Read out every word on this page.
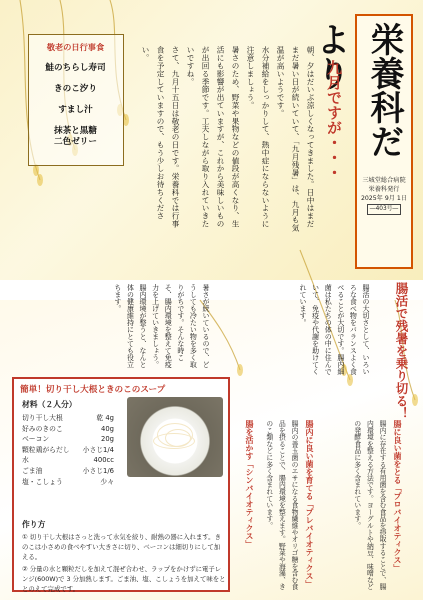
栄養科だより
三城堂総合病院
栄養科発行
2025年 9月 1日
―403号―
九月ですが・・・
朝、夕はだいぶ涼しくなってきました。日中はまだまだ暑い日が続いていて、「九月残暑」は、九月も気温が高いようです。
水分補給をしっかりして、熱中症にならないように注意しましょう。
暑さのため、野菜や果物などの値段が高くなり、生活にも影響が出ていますが、これから美味しいものが出回る季節です。工夫しながら取り入れていきたいですね。
さて、九月十五日は敬老の日です。栄養科では行事食を予定していますので、もう少しお待ちください。
敬老の日行事食
鮭のちらし寿司
きのこ汐り
すまし汁
抹茶と黒糖
二色ゼリー
腸活で残暑を乗り切る！
腸活の大切さとして、いろいろな食べ物をバランスよく食べることが大切です。腸内細菌は私たちの体の中に住んでいて、免疫や代謝を助けてくれています。
暑さが続いているので、どうしても冷たい物を多く取りがちです。そんな時こそ、腸内環境を整えて免疫力を上げていきましょう。腸内環境が整うと、なんと体の健康維持にとても役立ちます。
腸に良い菌をとる「プロバイオティクス」
腸内に存在する有用菌を含む食品を摂取することで、腸内環境を整える方法です。ヨーグルトや納豆、味噌などの発酵食品に多く含まれています。
腸内に良い菌を育てる「プレバイオティクス」
腸内の善玉菌のエサになる食物繊維やオリゴ糖を含む食品を摂ることで、腸内環境を整えます。野菜や海藻、きのこ類などに多く含まれています。
腸を活かす「シンバイオティクス」
簡単！切り干し大根ときのこのスープ
材料（２人分）
切り干し大根	乾 4g
好みのきのこ	40g
ベーコン	20g
顆粒鶏がらだし 小さじ1/4
水	400cc
ごま油	小さじ1/6
塩・こしょう	少々
作り方
① 切り干し大根はさっと洗って水気を絞り、耐熱の器に入れます。きのこは小さめの食べやすい大きさに切り、ベーコンは細切りにして加える。
② 分量の水と顆粒だしを加えて混ぜ合わせ、ラップをかけずに電子レンジ(600W)で 3 分加熱します。ごま油、塩、こしょうを加えて味をととのえて完成です。
